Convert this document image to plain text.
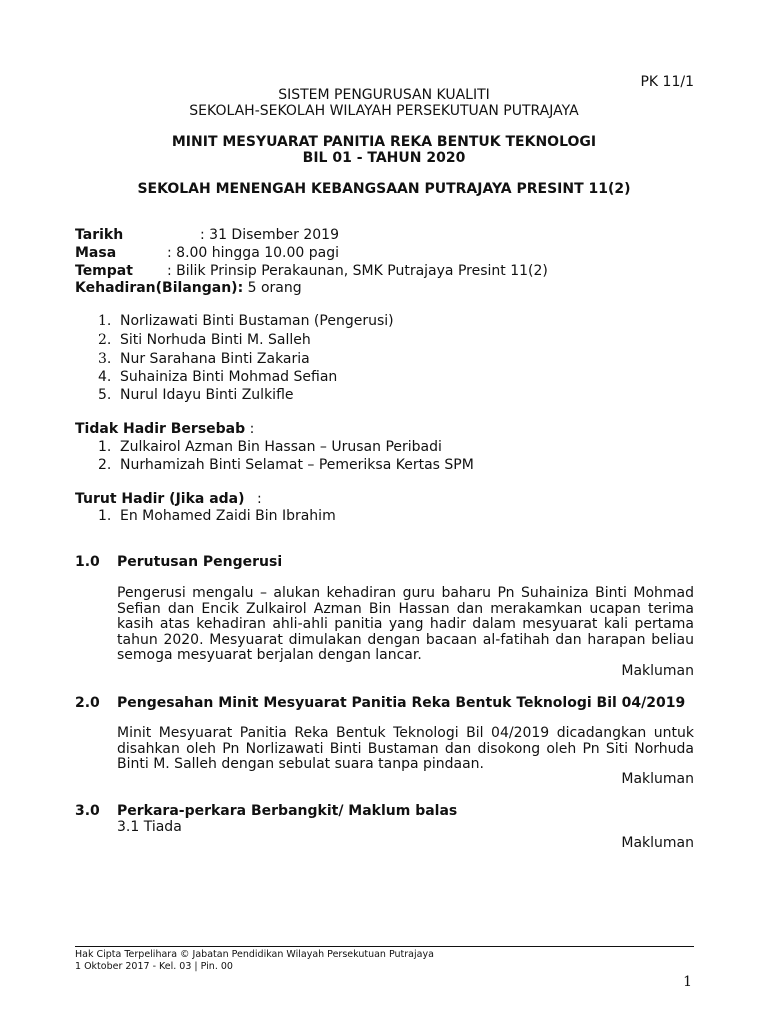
PK 11/1
SISTEM PENGURUSAN KUALITI
SEKOLAH-SEKOLAH WILAYAH PERSEKUTUAN PUTRAJAYA
MINIT MESYUARAT PANITIA REKA BENTUK TEKNOLOGI
BIL 01 - TAHUN 2020
SEKOLAH MENENGAH KEBANGSAAN PUTRAJAYA PRESINT 11(2)
Tarikh	: 31 Disember 2019
Masa	: 8.00 hingga 10.00 pagi
Tempat : Bilik Prinsip Perakaunan, SMK Putrajaya Presint 11(2)
Kehadiran(Bilangan): 5 orang
1. Norlizawati Binti Bustaman (Pengerusi)
2. Siti Norhuda Binti M. Salleh
3. Nur Sarahana Binti Zakaria
4. Suhainiza Binti Mohmad Sefian
5. Nurul Idayu Binti Zulkifle
Tidak Hadir Bersebab :
1. Zulkairol Azman Bin Hassan – Urusan Peribadi
2. Nurhamizah Binti Selamat – Pemeriksa Kertas SPM
Turut Hadir (Jika ada) :
1. En Mohamed Zaidi Bin Ibrahim
1.0 Perutusan Pengerusi
Pengerusi mengalu – alukan kehadiran guru baharu Pn Suhainiza Binti Mohmad Sefian dan Encik Zulkairol Azman Bin Hassan dan merakamkan ucapan terima kasih atas kehadiran ahli-ahli panitia yang hadir dalam mesyuarat kali pertama tahun 2020. Mesyuarat dimulakan dengan bacaan al-fatihah dan harapan beliau semoga mesyuarat berjalan dengan lancar.
Makluman
2.0 Pengesahan Minit Mesyuarat Panitia Reka Bentuk Teknologi Bil 04/2019
Minit Mesyuarat Panitia Reka Bentuk Teknologi Bil 04/2019 dicadangkan untuk disahkan oleh Pn Norlizawati Binti Bustaman dan disokong oleh Pn Siti Norhuda Binti M. Salleh dengan sebulat suara tanpa pindaan.
Makluman
3.0 Perkara-perkara Berbangkit/ Maklum balas
3.1 Tiada
Makluman
Hak Cipta Terpelihara © Jabatan Pendidikan Wilayah Persekutuan Putrajaya
1 Oktober 2017 - Kel. 03 | Pin. 00
1
